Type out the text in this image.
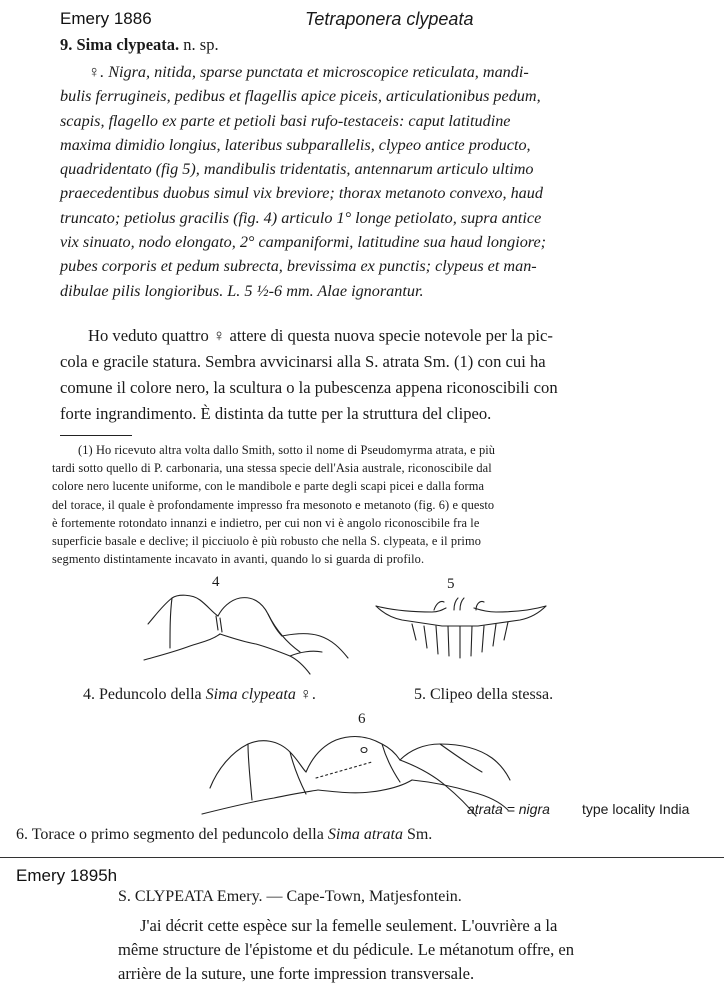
Emery 1886	Tetraponera clypeata
9. Sima clypeata. n. sp.
♀. Nigra, nitida, sparse punctata et microscopice reticulata, mandi-
bulis ferrugineis, pedibus et flagellis apice piceis, articulationibus pedum,
scapis, flagello ex parte et petioli basi rufo-testaceis: caput latitudine
maxima dimidio longius, lateribus subparallelis, clypeo antice producto,
quadridentato (fig 5), mandibulis tridentatis, antennarum articulo ultimo
praecedentibus duobus simul vix breviore; thorax metanoto convexo, haud
truncato; petiolus gracilis (fig. 4) articulo 1° longe petiolato, supra antice
vix sinuato, nodo elongato, 2° campaniformi, latitudine sua haud longiore;
pubes corporis et pedum subrecta, brevissima ex punctis; clypeus et man-
dibulae pilis longioribus. L. 5 ½-6 mm. Alae ignorantur.
Ho veduto quattro ♀ attere di questa nuova specie notevole per la pic-
cola e gracile statura. Sembra avvicinarsi alla S. atrata Sm. (1) con cui ha
comune il colore nero, la scultura o la pubescenza appena riconoscibili con
forte ingrandimento. È distinta da tutte per la struttura del clipeo.
(1) Ho ricevuto altra volta dallo Smith, sotto il nome di Pseudomyrma atrata, e più
tardi sotto quello di P. carbonaria, una stessa specie dell'Asia australe, riconoscibile dal
colore nero lucente uniforme, con le mandibole e parte degli scapi picei e dalla forma
del torace, il quale è profondamente impresso fra mesonoto e metanoto (fig. 6) e questo
è fortemente rotondato innanzi e indietro, per cui non vi è angolo riconoscibile fra le
superficie basale e declive; il picciuolo è più robusto che nella S. clypeata, e il primo
segmento distintamente incavato in avanti, quando lo si guarda di profilo.
4	5
4. Peduncolo della Sima clypeata ♀.	5. Clipeo della stessa.
6
atrata = nigra type locality India
6. Torace o primo segmento del peduncolo della Sima atrata Sm.
Emery 1895h
S. CLYPEATA Emery. — Cape-Town, Matjesfontein.
J'ai décrit cette espèce sur la femelle seulement. L'ouvrière a la
même structure de l'épistome et du pédicule. Le métanotum offre, en
arrière de la suture, une forte impression transversale.
